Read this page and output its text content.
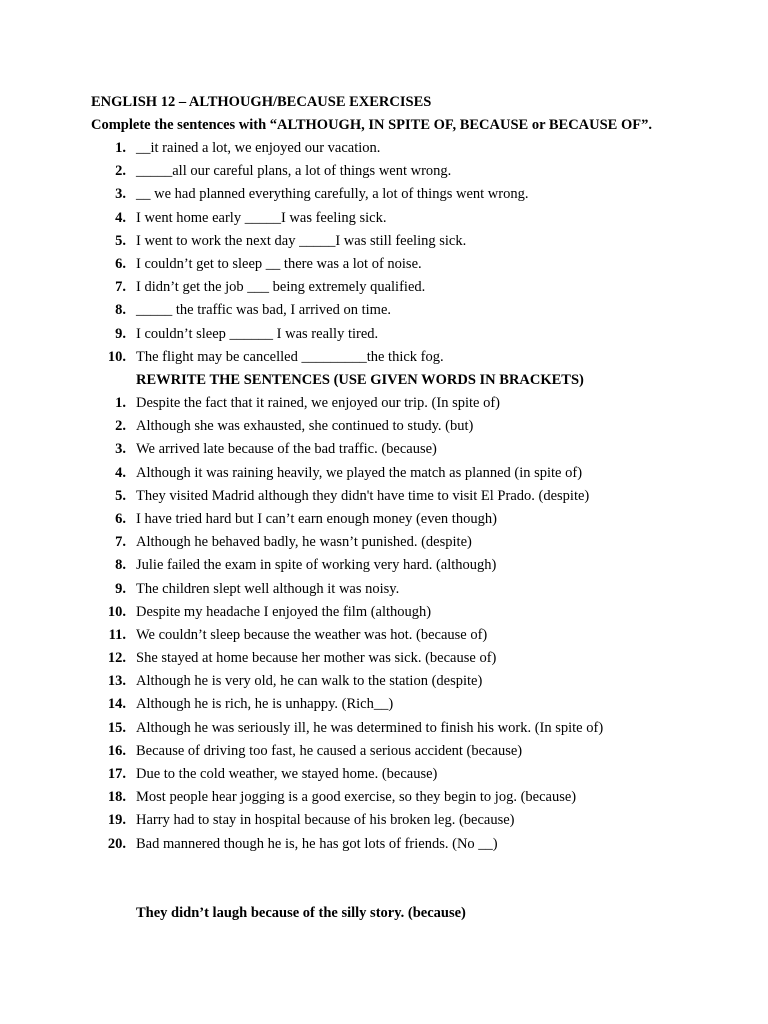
ENGLISH 12 – ALTHOUGH/BECAUSE EXERCISES
Complete the sentences with “ALTHOUGH, IN SPITE OF, BECAUSE or BECAUSE OF”.
1. __it rained a lot, we enjoyed our vacation.
2. _____all our careful plans, a lot of things went wrong.
3. __ we had planned everything carefully, a lot of things went wrong.
4. I went home early _____I was feeling sick.
5. I went to work the next day _____I was still feeling sick.
6. I couldn’t get to sleep __ there was a lot of noise.
7. I didn’t get the job ___ being extremely qualified.
8. _____ the traffic was bad, I arrived on time.
9. I couldn’t sleep ______ I was really tired.
10. The flight may be cancelled _________the thick fog.
REWRITE THE SENTENCES (USE GIVEN WORDS IN BRACKETS)
1. Despite the fact that it rained, we enjoyed our trip. (In spite of)
2. Although she was exhausted, she continued to study. (but)
3. We arrived late because of the bad traffic. (because)
4. Although it was raining heavily, we played the match as planned (in spite of)
5. They visited Madrid although they didn't have time to visit El Prado. (despite)
6. I have tried hard but I can’t earn enough money (even though)
7. Although he behaved badly, he wasn’t punished. (despite)
8. Julie failed the exam in spite of working very hard. (although)
9. The children slept well although it was noisy.
10. Despite my headache I enjoyed the film (although)
11. We couldn’t sleep because the weather was hot. (because of)
12. She stayed at home because her mother was sick. (because of)
13. Although he is very old, he can walk to the station (despite)
14. Although he is rich, he is unhappy. (Rich__)
15. Although he was seriously ill, he was determined to finish his work. (In spite of)
16. Because of driving too fast, he caused a serious accident (because)
17. Due to the cold weather, we stayed home. (because)
18. Most people hear jogging is a good exercise, so they begin to jog. (because)
19. Harry had to stay in hospital because of his broken leg. (because)
20. Bad mannered though he is, he has got lots of friends. (No __)
They didn’t laugh because of the silly story. (because)
